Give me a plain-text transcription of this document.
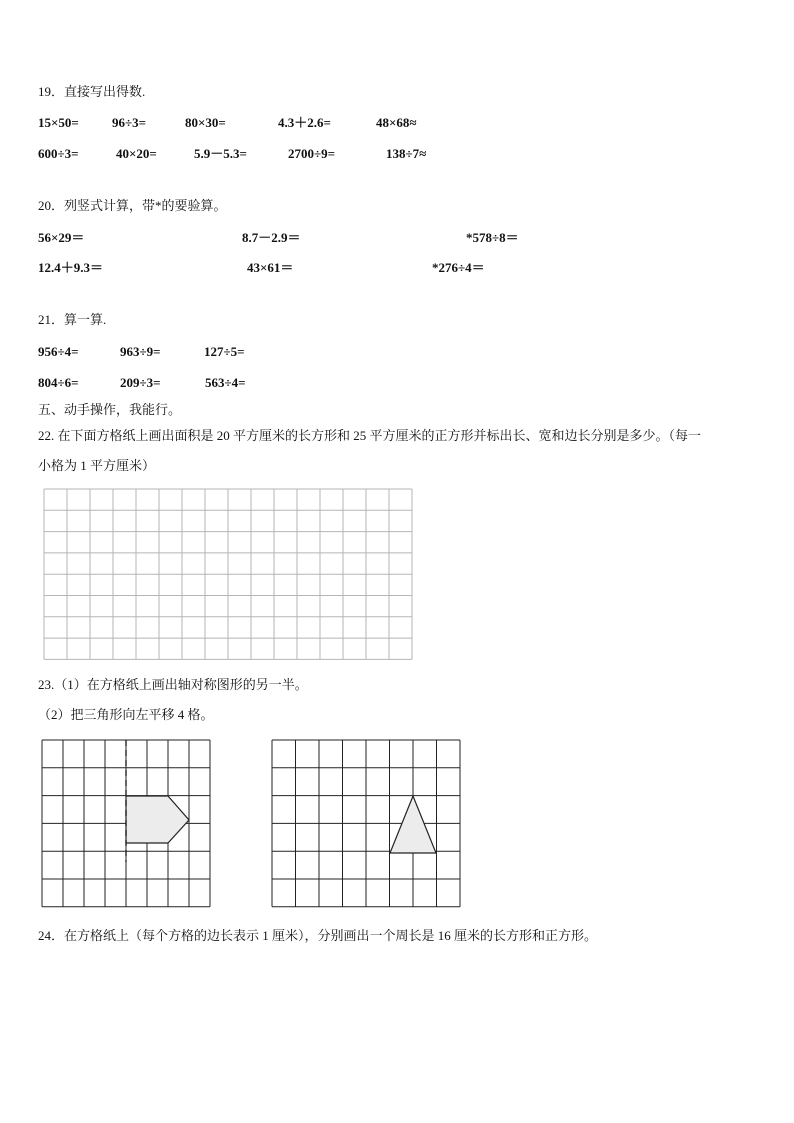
19．直接写出得数.
15×50=	96÷3=	80×30=	4.3＋2.6=	48×68≈
600÷3=	40×20=	5.9－5.3=	2700÷9=	138÷7≈
20．列竖式计算，带*的要验算。
56×29＝	8.7－2.9＝	*578÷8＝
12.4＋9.3＝	43×61＝	*276÷4＝
21．算一算.
956÷4=	963÷9=	127÷5=
804÷6=	209÷3=	563÷4=
五、动手操作，我能行。
22. 在下面方格纸上画出面积是 20 平方厘米的长方形和 25 平方厘米的正方形并标出长、宽和边长分别是多少。（每一
小格为 1 平方厘米）
23.（1）在方格纸上画出轴对称图形的另一半。
（2）把三角形向左平移 4 格。
24．在方格纸上（每个方格的边长表示 1 厘米），分别画出一个周长是 16 厘米的长方形和正方形。
